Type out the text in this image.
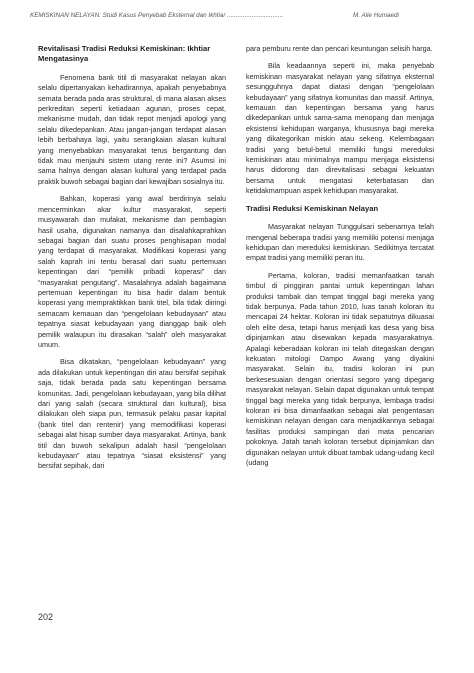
KEMISKINAN NELAYAN: Studi Kasus Penyebab Eksternal dan Ikhtiar ................................	M. Alie Humaedi
Revitalisasi Tradisi Reduksi Kemiskinan: Ikhtiar Mengatasinya

Fenomena bank titil di masyarakat nelayan akan selalu dipertanyakan kehadirannya, apakah penyebabnya semata berada pada aras struktural, di mana alasan akses perkreditan seperti ketiadaan agunan, proses cepat, mekanisme mudah, dan tidak repot menjadi apologi yang selalu dikedepankan. Atau jangan-jangan terdapat alasan lebih berbahaya lagi, yaitu serangkaian alasan kultural yang menyebabkan masyarakat terus bergantung dan tidak mau menjauhi sistem utang rente ini? Asumsi ini sama halnya dengan alasan kultural yang terdapat pada praktik buwoh sebagai bagian dari kewajiban sosialnya itu.

Bahkan, koperasi yang awal berdirinya selalu mencerminkan akar kultur masyarakat, seperti musyawarah dan mufakat, mekanisme dan pembagian hasil usaha, digunakan namanya dan disalahkaprahkan sebagai bagian dari suatu proses penghisapan modal yang terdapat di masyarakat. Modifikasi koperasi yang salah kaprah ini tentu berasal dari suatu pertemuan kepentingan dari “pemilik pribadi koperasi” dan “masyarakat pengutang”. Masalahnya adalah bagaimana pertemuan kepentingan itu bisa hadir dalam bentuk koperasi yang mempraktikkan bank titel, bila tidak diiringi semacam kemauan dan “pengelolaan kebudayaan” atau tepatnya siasat kebudayaan yang dianggap baik oleh pemilik walaupun itu dirasakan “salah” oleh masyarakat umum.

Bisa dikatakan, “pengelolaan kebudayaan” yang ada dilakukan untuk kepentingan diri atau bersifat sepihak saja, tidak berada pada satu kepentingan bersama komunitas. Jadi, pengelolaan kebudayaan, yang bila dilihat dari yang salah (secara struktural dan kultural), bisa dilakukan oleh siapa pun, termasuk pelaku pasar kapital (bank titel dan rentenir) yang memodifikasi koperasi sebagai alat hisap sumber daya masyarakat. Artinya, bank titil dan buwoh sekalipun adalah hasil “pengelolaan kebudayaan” atau tepatnya “siasat eksistensi” yang bersifat sepihak, dari

para pemburu rente dan pencari keuntungan selisih harga.

Bila keadaannya seperti ini, maka penyebab kemiskinan masyarakat nelayan yang sifatnya eksternal sesungguhnya dapat diatasi dengan “pengelolaan kebudayaan” yang sifatnya komunitas dan massif. Artinya, kemauan dan kepentingan bersama yang harus dikedepankan untuk sama-sama menopang dan menjaga eksistensi kehidupan warganya, khususnya bagi mereka yang dikategorikan miskin atau sekeng. Kelembagaan tradisi yang betul-betul memiliki fungsi mereduksi kemiskinan atau minimalnya mampu menjaga eksistensi harus didorong dan direvitalisasi sebagai kekuatan bersama untuk mengatasi keterbatasan dan ketidakmampuan aspek kehidupan masyarakat.

Tradisi Reduksi Kemiskinan Nelayan

Masyarakat nelayan Tunggulsari sebenarnya telah mengenal beberapa tradisi yang memiliki potensi menjaga kehidupan dan mereduksi kemiskinan. Sedikitnya tercatat empat tradisi yang memiliki peran itu.

Pertama, koloran, tradisi memanfaatkan tanah timbul di pinggiran pantai untuk kepentingan lahan produksi tambak dan tempat tinggal bagi mereka yang tidak berpunya. Pada tahun 2010, luas tanah koloran itu mencapai 24 hektar. Koloran ini tidak sepatutnya dikuasai oleh elite desa, tetapi harus menjadi kas desa yang bisa dipinjamkan atau disewakan kepada masyarakatnya. Apalagi keberadaan koloran ini telah ditegaskan dengan kekuatan mitologi Dampo Awang yang diyakini masyarakat. Selain itu, tradisi koloran ini pun berkesesuaian dengan orientasi segoro yang dipegang masyarakat nelayan. Selain dapat digunakan untuk tempat tinggal bagi mereka yang tidak berpunya, lembaga tradisi koloran ini bisa dimanfaatkan sebagai alat pengentasan kemiskinan nelayan dengan cara menjadikannya sebagai fasilitas produksi sampingan dari mata pencarian pokoknya. Jatah tanah koloran tersebut dipinjamkan dan digunakan nelayan untuk dibuat tambak udang-udang kecil (udang

202
